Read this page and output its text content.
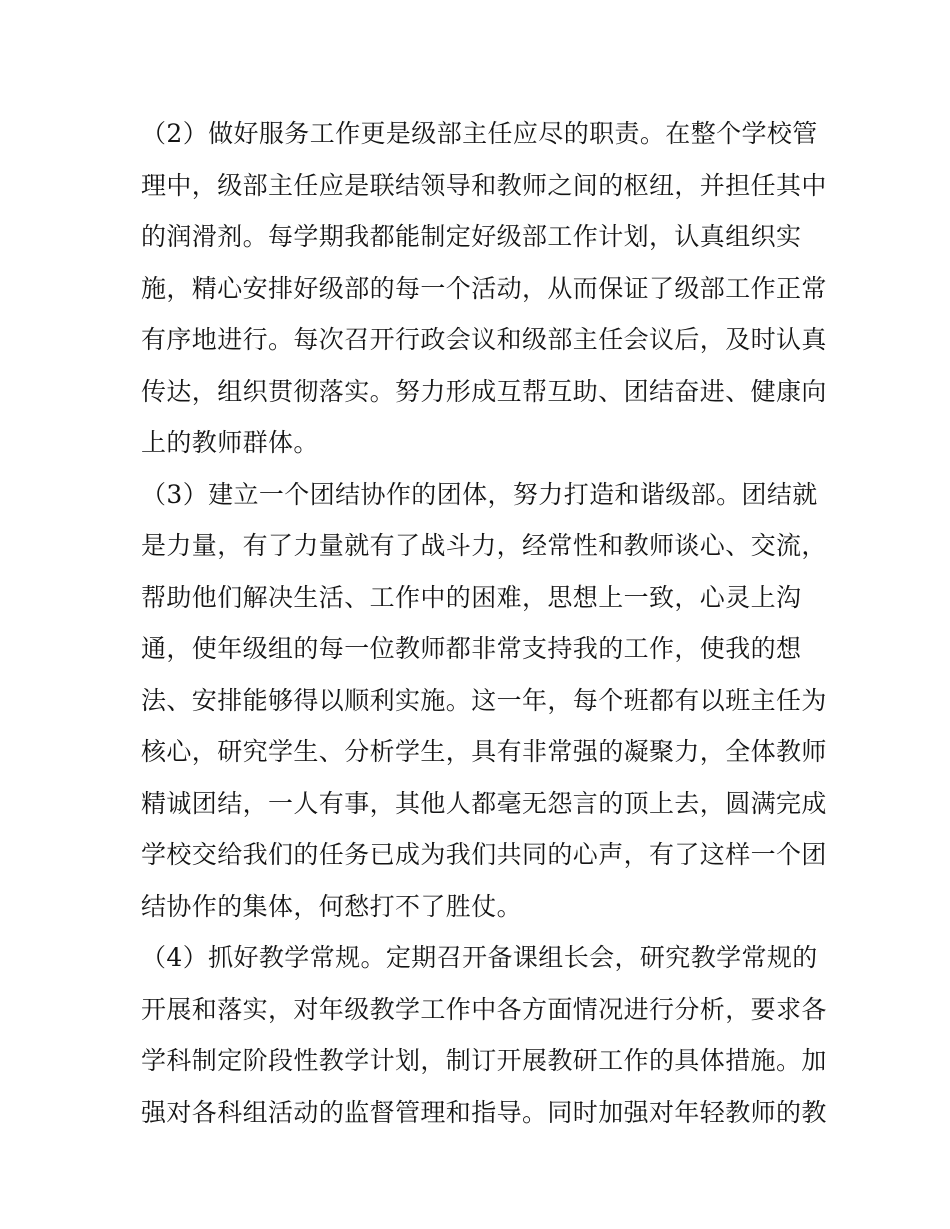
（2）做好服务工作更是级部主任应尽的职责。在整个学校管
理中，级部主任应是联结领导和教师之间的枢纽，并担任其中
的润滑剂。每学期我都能制定好级部工作计划，认真组织实
施，精心安排好级部的每一个活动，从而保证了级部工作正常
有序地进行。每次召开行政会议和级部主任会议后，及时认真
传达，组织贯彻落实。努力形成互帮互助、团结奋进、健康向
上的教师群体。
（3）建立一个团结协作的团体，努力打造和谐级部。团结就
是力量，有了力量就有了战斗力，经常性和教师谈心、交流，
帮助他们解决生活、工作中的困难，思想上一致，心灵上沟
通，使年级组的每一位教师都非常支持我的工作，使我的想
法、安排能够得以顺利实施。这一年，每个班都有以班主任为
核心，研究学生、分析学生，具有非常强的凝聚力，全体教师
精诚团结，一人有事，其他人都毫无怨言的顶上去，圆满完成
学校交给我们的任务已成为我们共同的心声，有了这样一个团
结协作的集体，何愁打不了胜仗。
（4）抓好教学常规。定期召开备课组长会，研究教学常规的
开展和落实，对年级教学工作中各方面情况进行分析，要求各
学科制定阶段性教学计划，制订开展教研工作的具体措施。加
强对各科组活动的监督管理和指导。同时加强对年轻教师的教
